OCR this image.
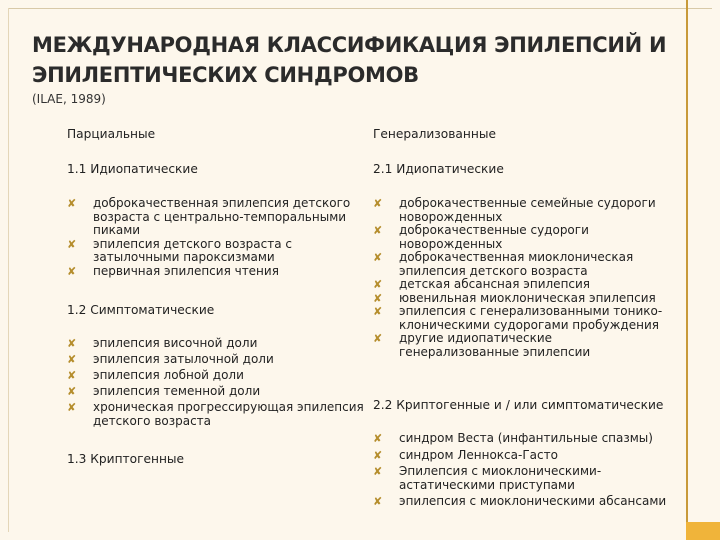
МЕЖДУНАРОДНАЯ КЛАССИФИКАЦИЯ ЭПИЛЕПСИЙ И ЭПИЛЕПТИЧЕСКИХ СИНДРОМОВ
(ILAE, 1989)
Парциальные
1.1 Идиопатические
✘ доброкачественная эпилепсия детского возраста с центрально-темпоральными пиками
✘ эпилепсия детского возраста с затылочными пароксизмами
✘ первичная эпилепсия чтения
1.2 Симптоматические
✘ эпилепсия височной доли
✘ эпилепсия затылочной доли
✘ эпилепсия лобной доли
✘ эпилепсия теменной доли
✘ хроническая прогрессирующая эпилепсия детского возраста
1.3 Криптогенные
Генерализованные
2.1 Идиопатические
✘ доброкачественные семейные судороги новорожденных
✘ доброкачественные судороги новорожденных
✘ доброкачественная миоклоническая эпилепсия детского возраста
✘ детская абсансная эпилепсия
✘ ювенильная миоклоническая эпилепсия
✘ эпилепсия с генерализованными тонико-клоническими судорогами пробуждения
✘ другие идиопатические генерализованные эпилепсии
2.2 Криптогенные и / или симптоматические
✘ синдром Веста (инфантильные спазмы)
✘ синдром Леннокса-Гасто
✘ Эпилепсия с миоклоническими-астатическими приступами
✘ эпилепсия с миоклоническими абсансами
